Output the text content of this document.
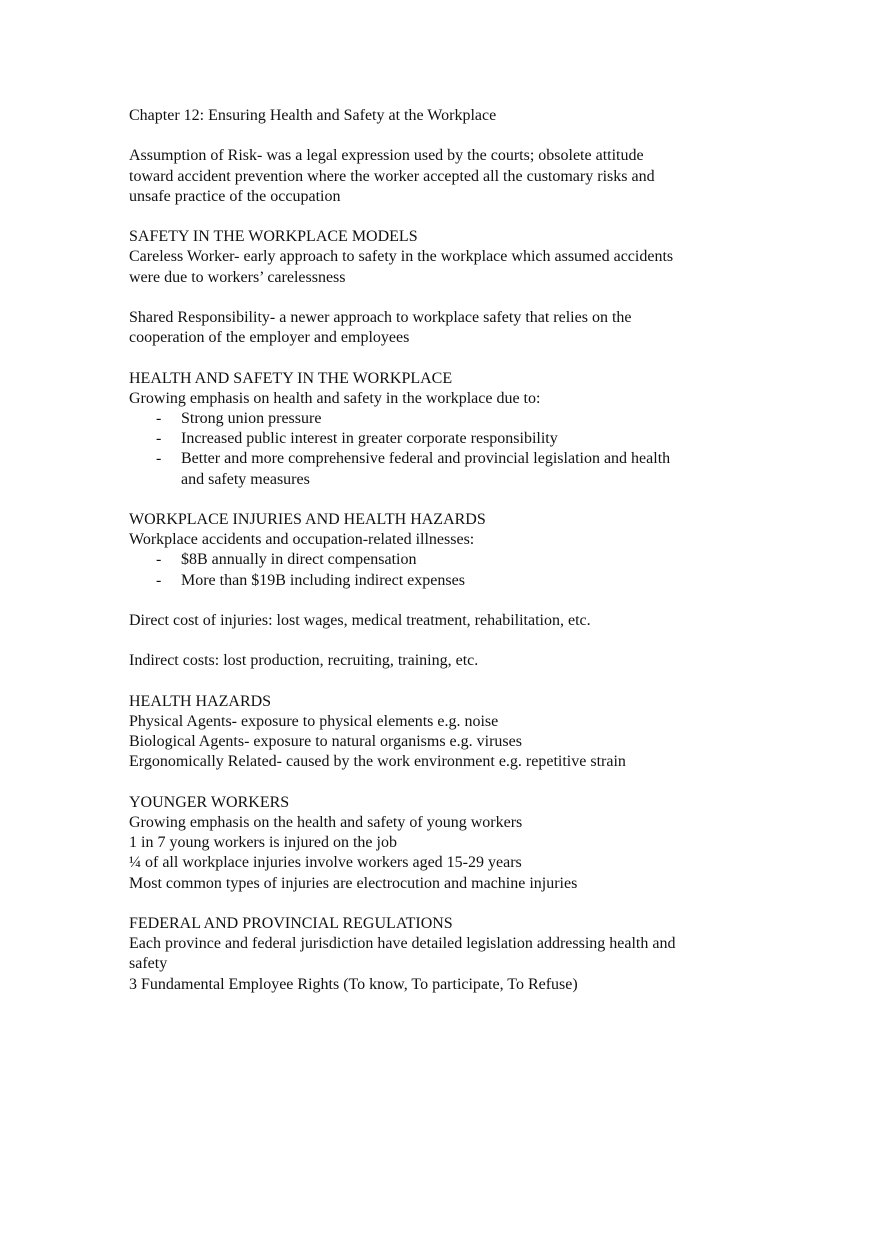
Chapter 12: Ensuring Health and Safety at the Workplace

Assumption of Risk- was a legal expression used by the courts; obsolete attitude

toward accident prevention where the worker accepted all the customary risks and

unsafe practice of the occupation

SAFETY IN THE WORKPLACE MODELS

Careless Worker- early approach to safety in the workplace which assumed accidents

were due to workers’ carelessness

Shared Responsibility- a newer approach to workplace safety that relies on the

cooperation of the employer and employees

HEALTH AND SAFETY IN THE WORKPLACE

Growing emphasis on health and safety in the workplace due to:

- Strong union pressure
- Increased public interest in greater corporate responsibility
- Better and more comprehensive federal and provincial legislation and health
and safety measures

WORKPLACE INJURIES AND HEALTH HAZARDS

Workplace accidents and occupation-related illnesses:

- $8B annually in direct compensation
- More than $19B including indirect expenses

Direct cost of injuries: lost wages, medical treatment, rehabilitation, etc.

Indirect costs: lost production, recruiting, training, etc.

HEALTH HAZARDS

Physical Agents- exposure to physical elements e.g. noise

Biological Agents- exposure to natural organisms e.g. viruses

Ergonomically Related- caused by the work environment e.g. repetitive strain

YOUNGER WORKERS

Growing emphasis on the health and safety of young workers

1 in 7 young workers is injured on the job

¼ of all workplace injuries involve workers aged 15-29 years

Most common types of injuries are electrocution and machine injuries

FEDERAL AND PROVINCIAL REGULATIONS

Each province and federal jurisdiction have detailed legislation addressing health and

safety

3 Fundamental Employee Rights (To know, To participate, To Refuse)
